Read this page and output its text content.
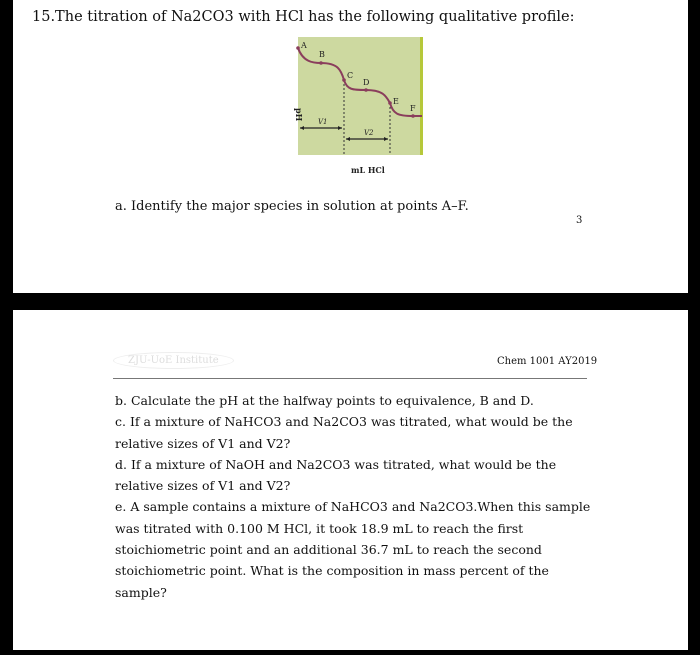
15.The titration of Na2CO3 with HCl has the following qualitative profile:
A
B
C
D
E
F
V1
V2
pH
mL HCl
a. Identify the major species in solution at points A–F.
3
ZJU-UoE Institute	Chem 1001 AY2019

b. Calculate the pH at the halfway points to equivalence, B and D.

c. If a mixture of NaHCO3 and Na2CO3 was titrated, what would be the relative sizes of V1 and V2?

d. If a mixture of NaOH and Na2CO3 was titrated, what would be the relative sizes of V1 and V2?

e. A sample contains a mixture of NaHCO3 and Na2CO3.When this sample was titrated with 0.100 M HCl, it took 18.9 mL to reach the first stoichiometric point and an additional 36.7 mL to reach the second stoichiometric point. What is the composition in mass percent of the sample?
